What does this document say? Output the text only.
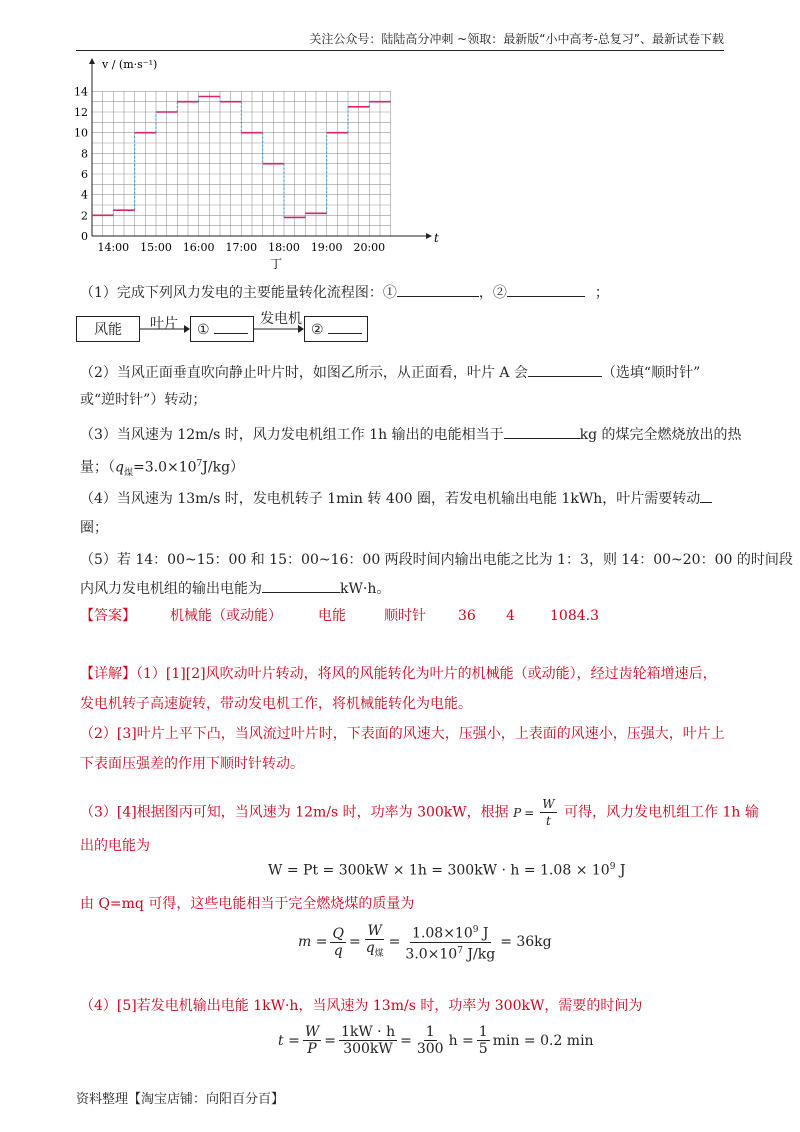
关注公众号：陆陆高分冲刺 ~领取：最新版“小中高考-总复习”、最新试卷下载
0
2
4
6
8
10
12
14
14:00 15:00 16:00 17:00 18:00 19:00 20:00
v / (m·s⁻¹)
t
丁
（1）完成下列风力发电的主要能量转化流程图：①	，②	；
风能	叶片	①
发电机
②
（2）当风正面垂直吹向静止叶片时，如图乙所示，从正面看，叶片 A 会	（选填“顺时针”
或“逆时针”）转动；
（3）当风速为 12m/s 时，风力发电机组工作 1h 输出的电能相当于	kg 的煤完全燃烧放出的热
量；$(q_煤=3.0\times 10^7J/kg)$
（4）当风速为 13m/s 时，发电机转子 1min 转 400 圈，若发电机输出电能 1kWh，叶片需要转动
圈；
（5）若 14：00~15：00 和 15：00~16：00 两段时间内输出电能之比为 1：3，则 14：00~20：00 的时间段
内风力发电机组的输出电能为	kW·h。
【答案】 机械能（或动能）	电能	顺时针 36 4	1084.3
【详解】（1）[1][2]风吹动叶片转动，将风的风能转化为叶片的机械能（或动能），经过齿轮箱增速后，
发电机转子高速旋转，带动发电机工作，将机械能转化为电能。
（2）[3]叶片上平下凸，当风流过叶片时，下表面的风速大，压强小，上表面的风速小，压强大，叶片上
下表面压强差的作用下顺时针转动。
（3）[4]根据图丙可知，当风速为 12m/s 时，功率为 300kW，根据 $P = \frac{W}{t}$ 可得，风力发电机组工作 1h 输
出的电能为
$W = Pt = 300kW \times 1h = 300kW \cdot h = 1.08 \times 10^9$ J
由 Q=mq 可得，这些电能相当于完全燃烧煤的质量为
$m = \frac{Q}{q} = \frac{W}{q_煤} = \frac{1.08\times 10^9 J}{3.0\times 10^7 J/kg} = 36kg$
（4）[5]若发电机输出电能 1kW·h，当风速为 13m/s 时，功率为 300kW，需要的时间为
$t = \frac{W}{P} = \frac{1kW \cdot h}{300kW} = \frac{1}{300}$ $h = \frac{1}{5}$ min = 0.2 min
资料整理【淘宝店铺：向阳百分百】
